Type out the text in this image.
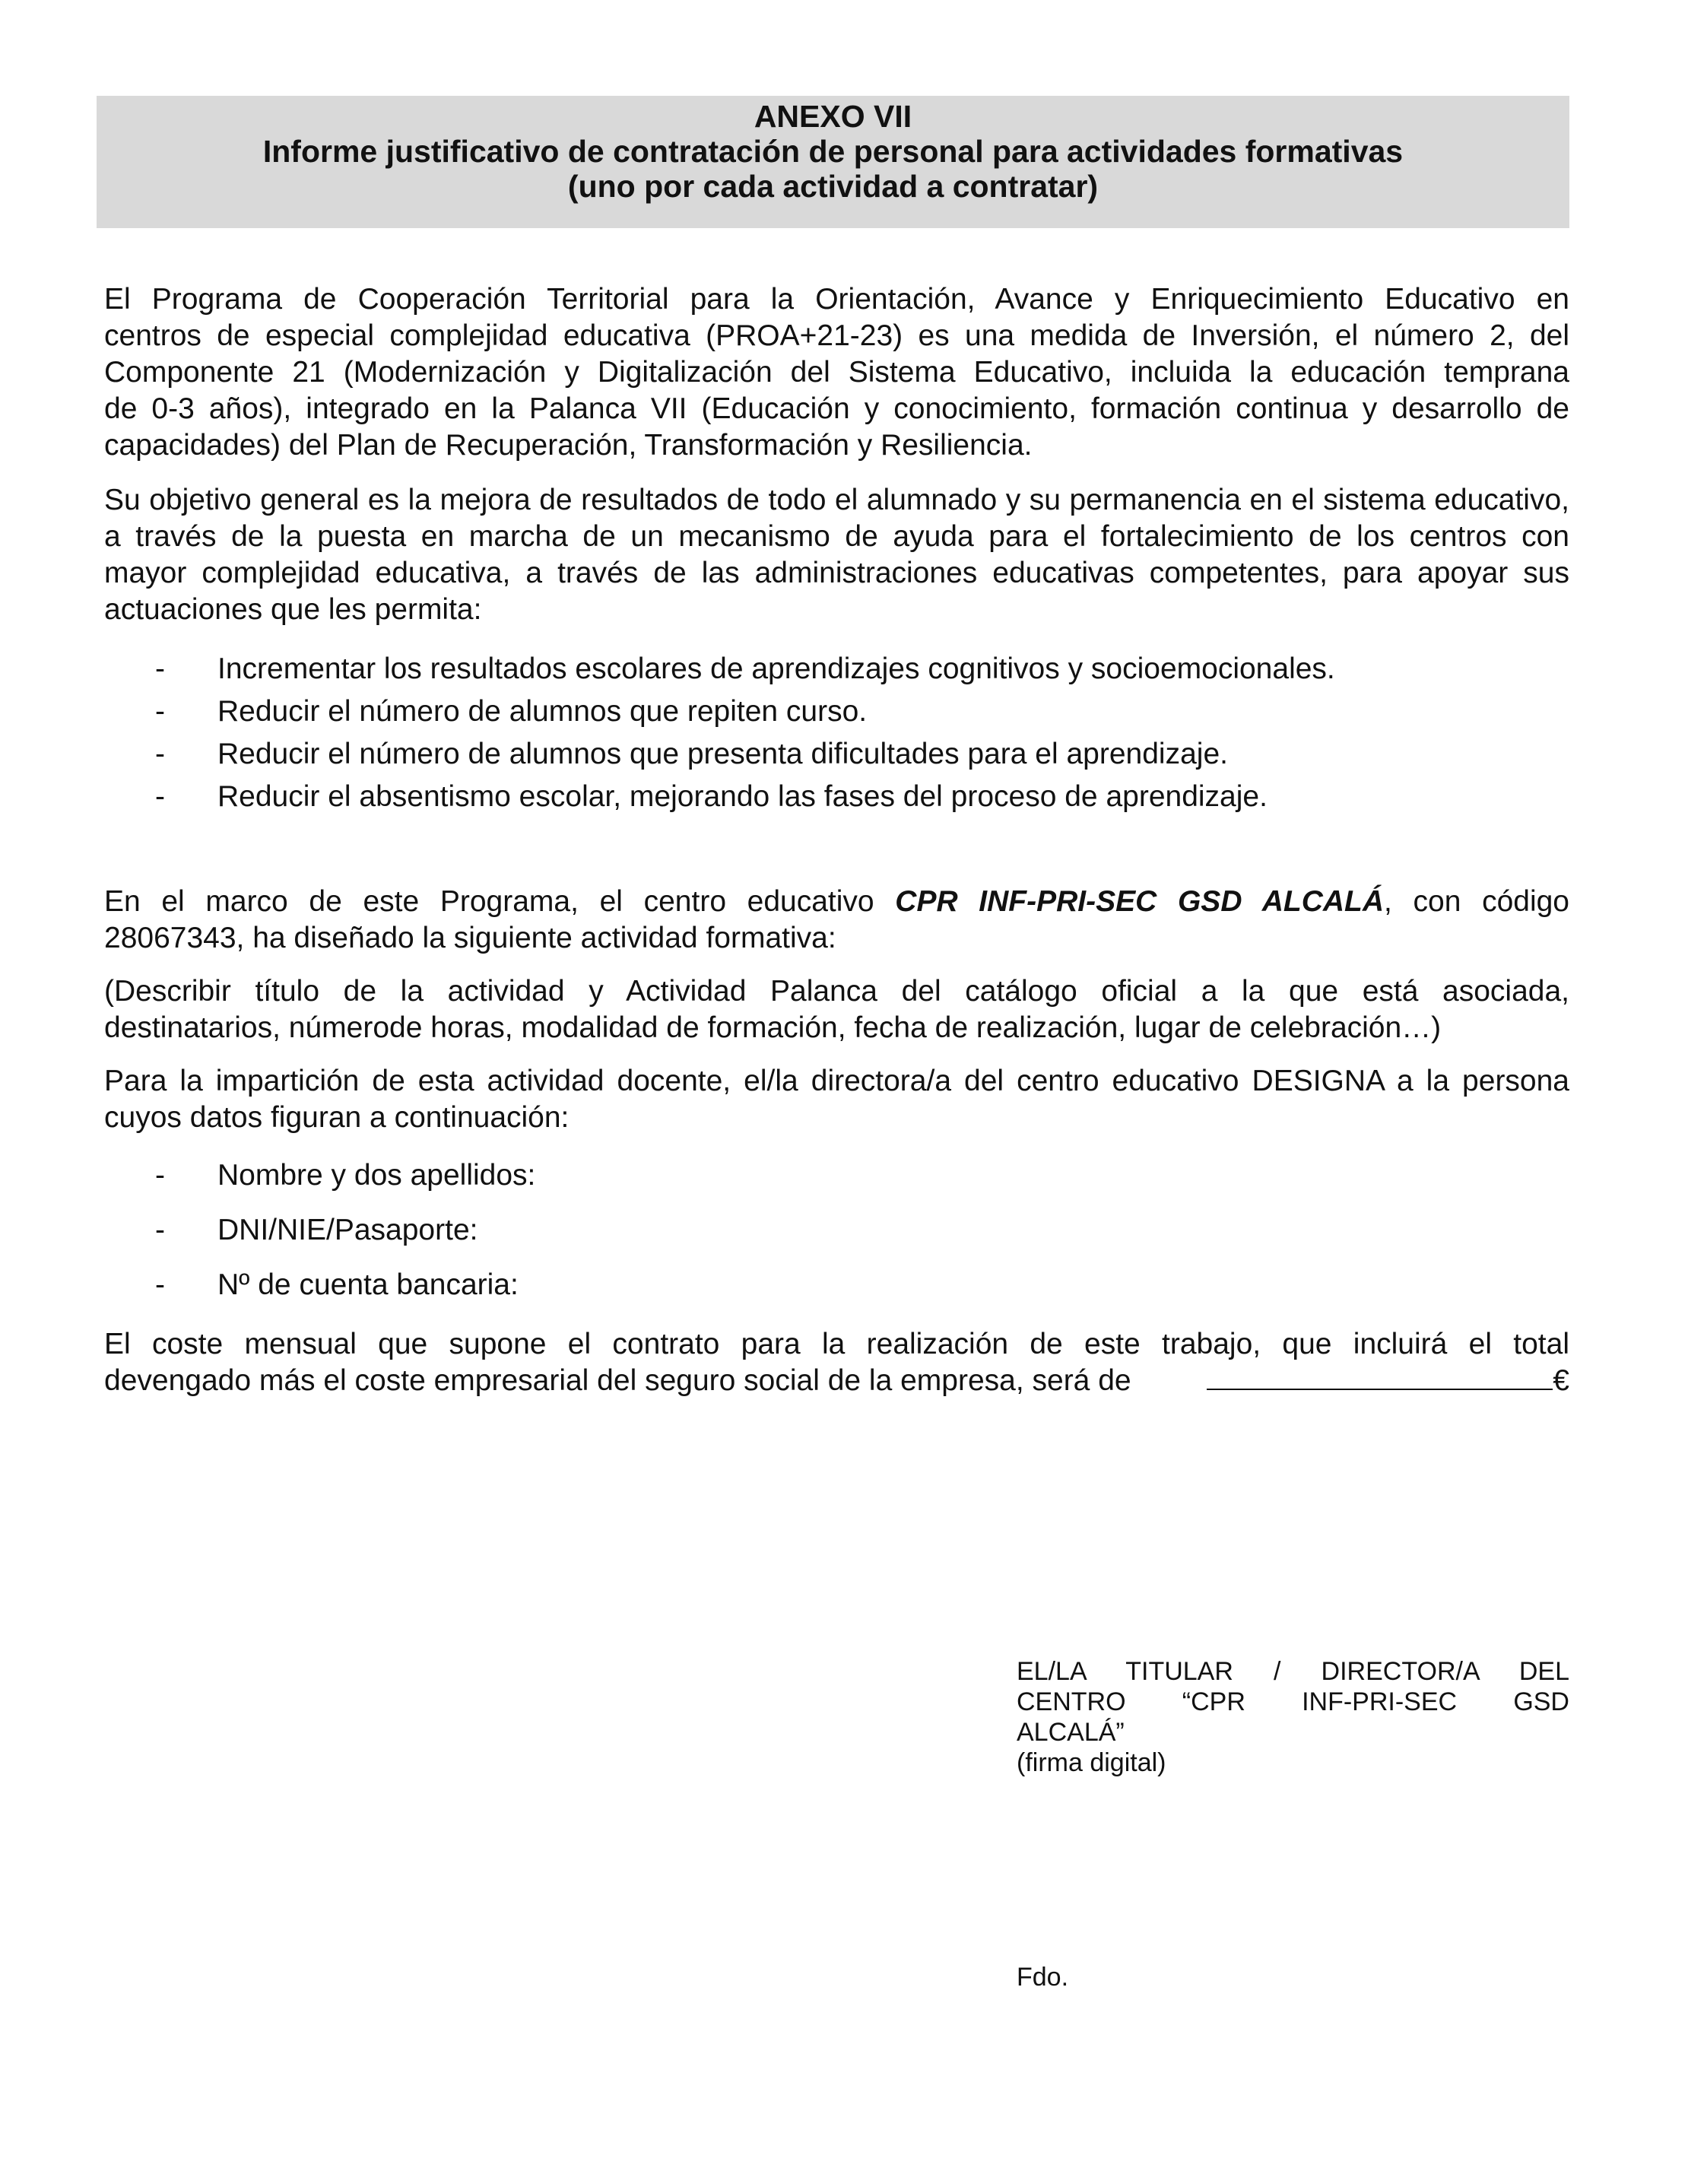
ANEXO VII
Informe justificativo de contratación de personal para actividades formativas
(uno por cada actividad a contratar)
El Programa de Cooperación Territorial para la Orientación, Avance y Enriquecimiento Educativo en
centros de especial complejidad educativa (PROA+21-23) es una medida de Inversión, el número 2, del
Componente 21 (Modernización y Digitalización del Sistema Educativo, incluida la educación temprana
de 0-3 años), integrado en la Palanca VII (Educación y conocimiento, formación continua y desarrollo de
capacidades) del Plan de Recuperación, Transformación y Resiliencia.
Su objetivo general es la mejora de resultados de todo el alumnado y su permanencia en el sistema educativo,
a través de la puesta en marcha de un mecanismo de ayuda para el fortalecimiento de los centros con
mayor complejidad educativa, a través de las administraciones educativas competentes, para apoyar sus
actuaciones que les permita:
- Incrementar los resultados escolares de aprendizajes cognitivos y socioemocionales.
- Reducir el número de alumnos que repiten curso.
- Reducir el número de alumnos que presenta dificultades para el aprendizaje.
- Reducir el absentismo escolar, mejorando las fases del proceso de aprendizaje.
En el marco de este Programa, el centro educativo CPR INF-PRI-SEC GSD ALCALÁ, con código
28067343, ha diseñado la siguiente actividad formativa:
(Describir título de la actividad y Actividad Palanca del catálogo oficial a la que está asociada,
destinatarios, númerode horas, modalidad de formación, fecha de realización, lugar de celebración…)
Para la impartición de esta actividad docente, el/la directora/a del centro educativo DESIGNA a la persona
cuyos datos figuran a continuación:
- Nombre y dos apellidos:
- DNI/NIE/Pasaporte:
- Nº de cuenta bancaria:
El coste mensual que supone el contrato para la realización de este trabajo, que incluirá el total
devengado más el coste empresarial del seguro social de la empresa, será de	€
EL/LA TITULAR / DIRECTOR/A DEL
CENTRO “CPR INF-PRI-SEC GSD
ALCALÁ”
(firma digital)
Fdo.
